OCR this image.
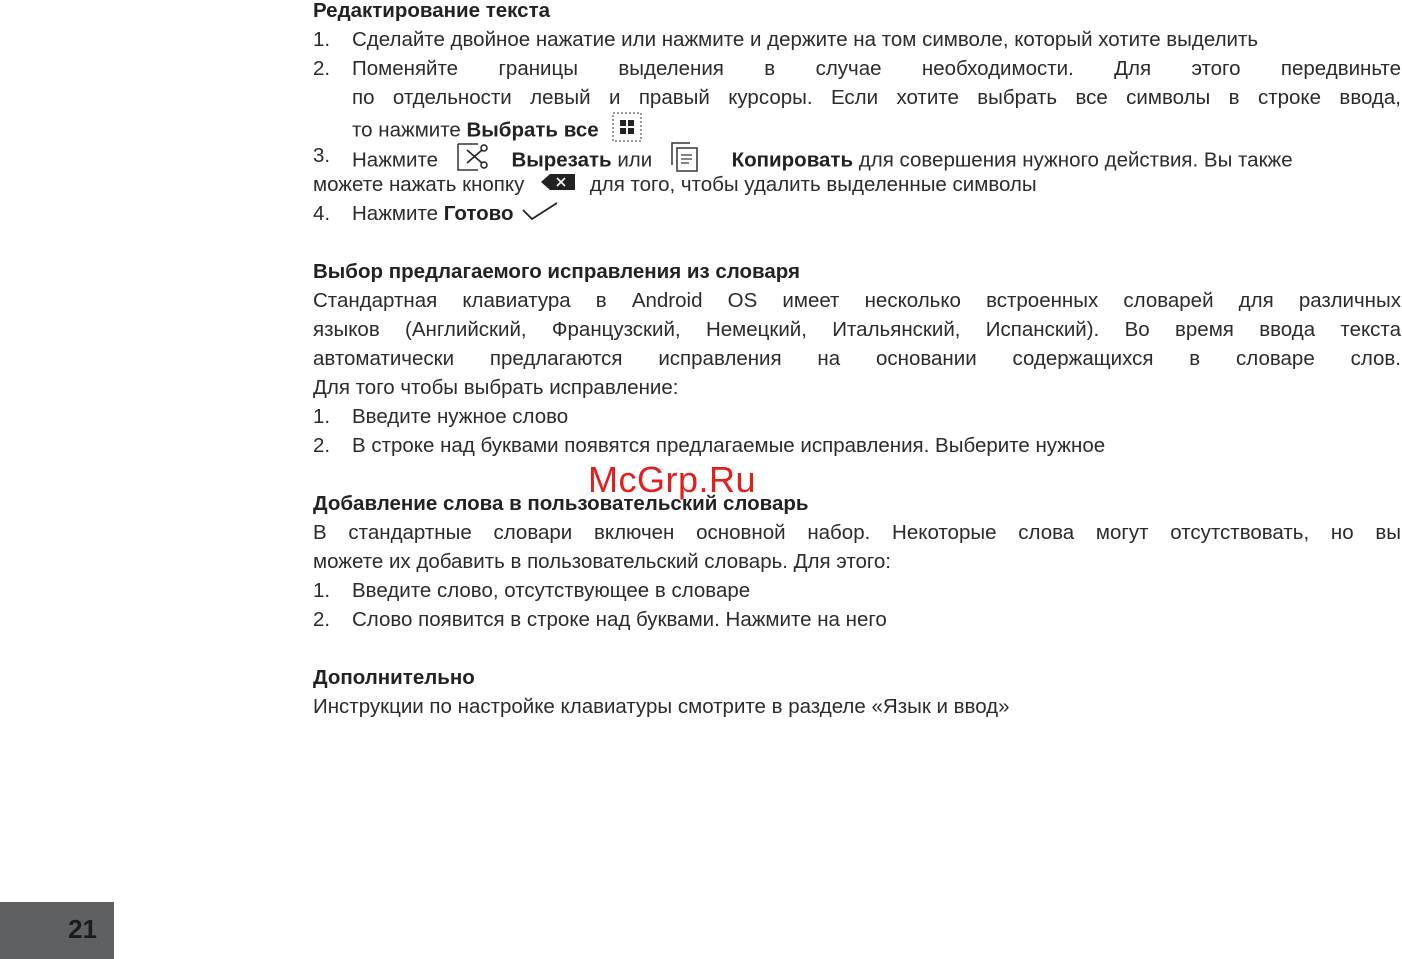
Редактирование текста
1. Сделайте двойное нажатие или нажмите и держите на том символе, который хотите выделить
2. Поменяйте границы выделения в случае необходимости. Для этого передвиньте
по отдельности левый и правый курсоры. Если хотите выбрать все символы в строке ввода,
то нажмите Выбрать все
3. Нажмите	Вырезать или	Копировать для совершения нужного действия. Вы также
можете нажать кнопку	для того, чтобы удалить выделенные символы
4. Нажмите Готово
Выбор предлагаемого исправления из словаря
Стандартная клавиатура в Android OS имеет несколько встроенных словарей для различных
языков (Английский, Французский, Немецкий, Итальянский, Испанский). Во время ввода текста
автоматически предлагаются исправления на основании содержащихся в словаре слов.
Для того чтобы выбрать исправление:
1. Введите нужное слово
2. В строке над буквами появятся предлагаемые исправления. Выберите нужное
Добавление слова в пользовательский словарь
В стандартные словари включен основной набор. Некоторые слова могут отсутствовать, но вы
можете их добавить в пользовательский словарь. Для этого:
1. Введите слово, отсутствующее в словаре
2. Слово появится в строке над буквами. Нажмите на него
Дополнительно
Инструкции по настройке клавиатуры смотрите в разделе «Язык и ввод»
McGrp.Ru
21
